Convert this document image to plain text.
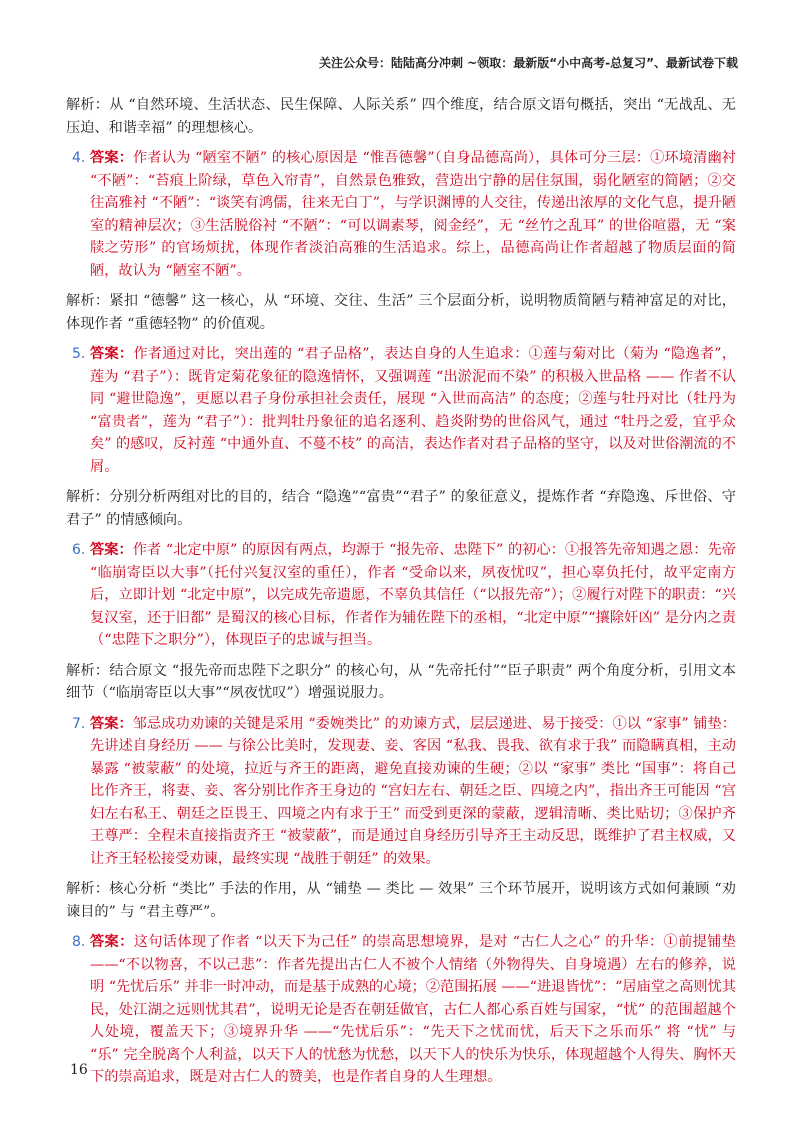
关注公众号：陆陆高分冲刺 ~领取：最新版“小中高考-总复习”、最新试卷下载

解析：从 “自然环境、生活状态、民生保障、人际关系” 四个维度，结合原文语句概括，突出 “无战乱、无压迫、和谐幸福” 的理想核心。

4. 答案：作者认为 “陋室不陋” 的核心原因是 “惟吾德馨”（自身品德高尚），具体可分三层：①环境清幽衬 “不陋”：“苔痕上阶绿，草色入帘青”，自然景色雅致，营造出宁静的居住氛围，弱化陋室的简陋；②交往高雅衬 “不陋”：“谈笑有鸿儒，往来无白丁”，与学识渊博的人交往，传递出浓厚的文化气息，提升陋室的精神层次；③生活脱俗衬 “不陋”：“可以调素琴，阅金经”，无 “丝竹之乱耳” 的世俗喧嚣，无 “案牍之劳形” 的官场烦扰，体现作者淡泊高雅的生活追求。综上，品德高尚让作者超越了物质层面的简陋，故认为 “陋室不陋”。

解析：紧扣 “德馨” 这一核心，从 “环境、交往、生活” 三个层面分析，说明物质简陋与精神富足的对比，体现作者 “重德轻物” 的价值观。

5. 答案：作者通过对比，突出莲的 “君子品格”，表达自身的人生追求：①莲与菊对比（菊为 “隐逸者”，莲为 “君子”）：既肯定菊花象征的隐逸情怀，又强调莲 “出淤泥而不染” 的积极入世品格 —— 作者不认同 “避世隐逸”，更愿以君子身份承担社会责任，展现 “入世而高洁” 的态度；②莲与牡丹对比（牡丹为 “富贵者”，莲为 “君子”）：批判牡丹象征的追名逐利、趋炎附势的世俗风气，通过 “牡丹之爱，宜乎众矣” 的感叹，反衬莲 “中通外直、不蔓不枝” 的高洁，表达作者对君子品格的坚守，以及对世俗潮流的不屑。

解析：分别分析两组对比的目的，结合 “隐逸”“富贵”“君子” 的象征意义，提炼作者 “弃隐逸、斥世俗、守君子” 的情感倾向。

6. 答案：作者 “北定中原” 的原因有两点，均源于 “报先帝、忠陛下” 的初心：①报答先帝知遇之恩：先帝 “临崩寄臣以大事”（托付兴复汉室的重任），作者 “受命以来，夙夜忧叹”，担心辜负托付，故平定南方后，立即计划 “北定中原”，以完成先帝遗愿，不辜负其信任（“以报先帝”）；②履行对陛下的职责：“兴复汉室，还于旧都” 是蜀汉的核心目标，作者作为辅佐陛下的丞相，“北定中原”“攘除奸凶” 是分内之责（“忠陛下之职分”），体现臣子的忠诚与担当。

解析：结合原文 “报先帝而忠陛下之职分” 的核心句，从 “先帝托付”“臣子职责” 两个角度分析，引用文本细节（“临崩寄臣以大事”“夙夜忧叹”）增强说服力。

7. 答案：邹忌成功劝谏的关键是采用 “委婉类比” 的劝谏方式，层层递进、易于接受：①以 “家事” 铺垫：先讲述自身经历 —— 与徐公比美时，发现妻、妾、客因 “私我、畏我、欲有求于我” 而隐瞒真相，主动暴露 “被蒙蔽” 的处境，拉近与齐王的距离，避免直接劝谏的生硬；②以 “家事” 类比 “国事”：将自己比作齐王，将妻、妾、客分别比作齐王身边的 “宫妇左右、朝廷之臣、四境之内”，指出齐王可能因 “宫妇左右私王、朝廷之臣畏王、四境之内有求于王” 而受到更深的蒙蔽，逻辑清晰、类比贴切；③保护齐王尊严：全程未直接指责齐王 “被蒙蔽”，而是通过自身经历引导齐王主动反思，既维护了君主权威，又让齐王轻松接受劝谏，最终实现 “战胜于朝廷” 的效果。

解析：核心分析 “类比” 手法的作用，从 “铺垫 — 类比 — 效果” 三个环节展开，说明该方式如何兼顾 “劝谏目的” 与 “君主尊严”。

8. 答案：这句话体现了作者 “以天下为己任” 的崇高思想境界，是对 “古仁人之心” 的升华：①前提铺垫 ——“不以物喜，不以己悲”：作者先提出古仁人不被个人情绪（外物得失、自身境遇）左右的修养，说明 “先忧后乐” 并非一时冲动，而是基于成熟的心境；②范围拓展 ——“进退皆忧”：“居庙堂之高则忧其民，处江湖之远则忧其君”，说明无论是否在朝廷做官，古仁人都心系百姓与国家，“忧” 的范围超越个人处境，覆盖天下；③境界升华 ——“先忧后乐”：“先天下之忧而忧，后天下之乐而乐” 将 “忧” 与 “乐” 完全脱离个人利益，以天下人的忧愁为忧愁，以天下人的快乐为快乐，体现超越个人得失、胸怀天下的崇高追求，既是对古仁人的赞美，也是作者自身的人生理想。
16
